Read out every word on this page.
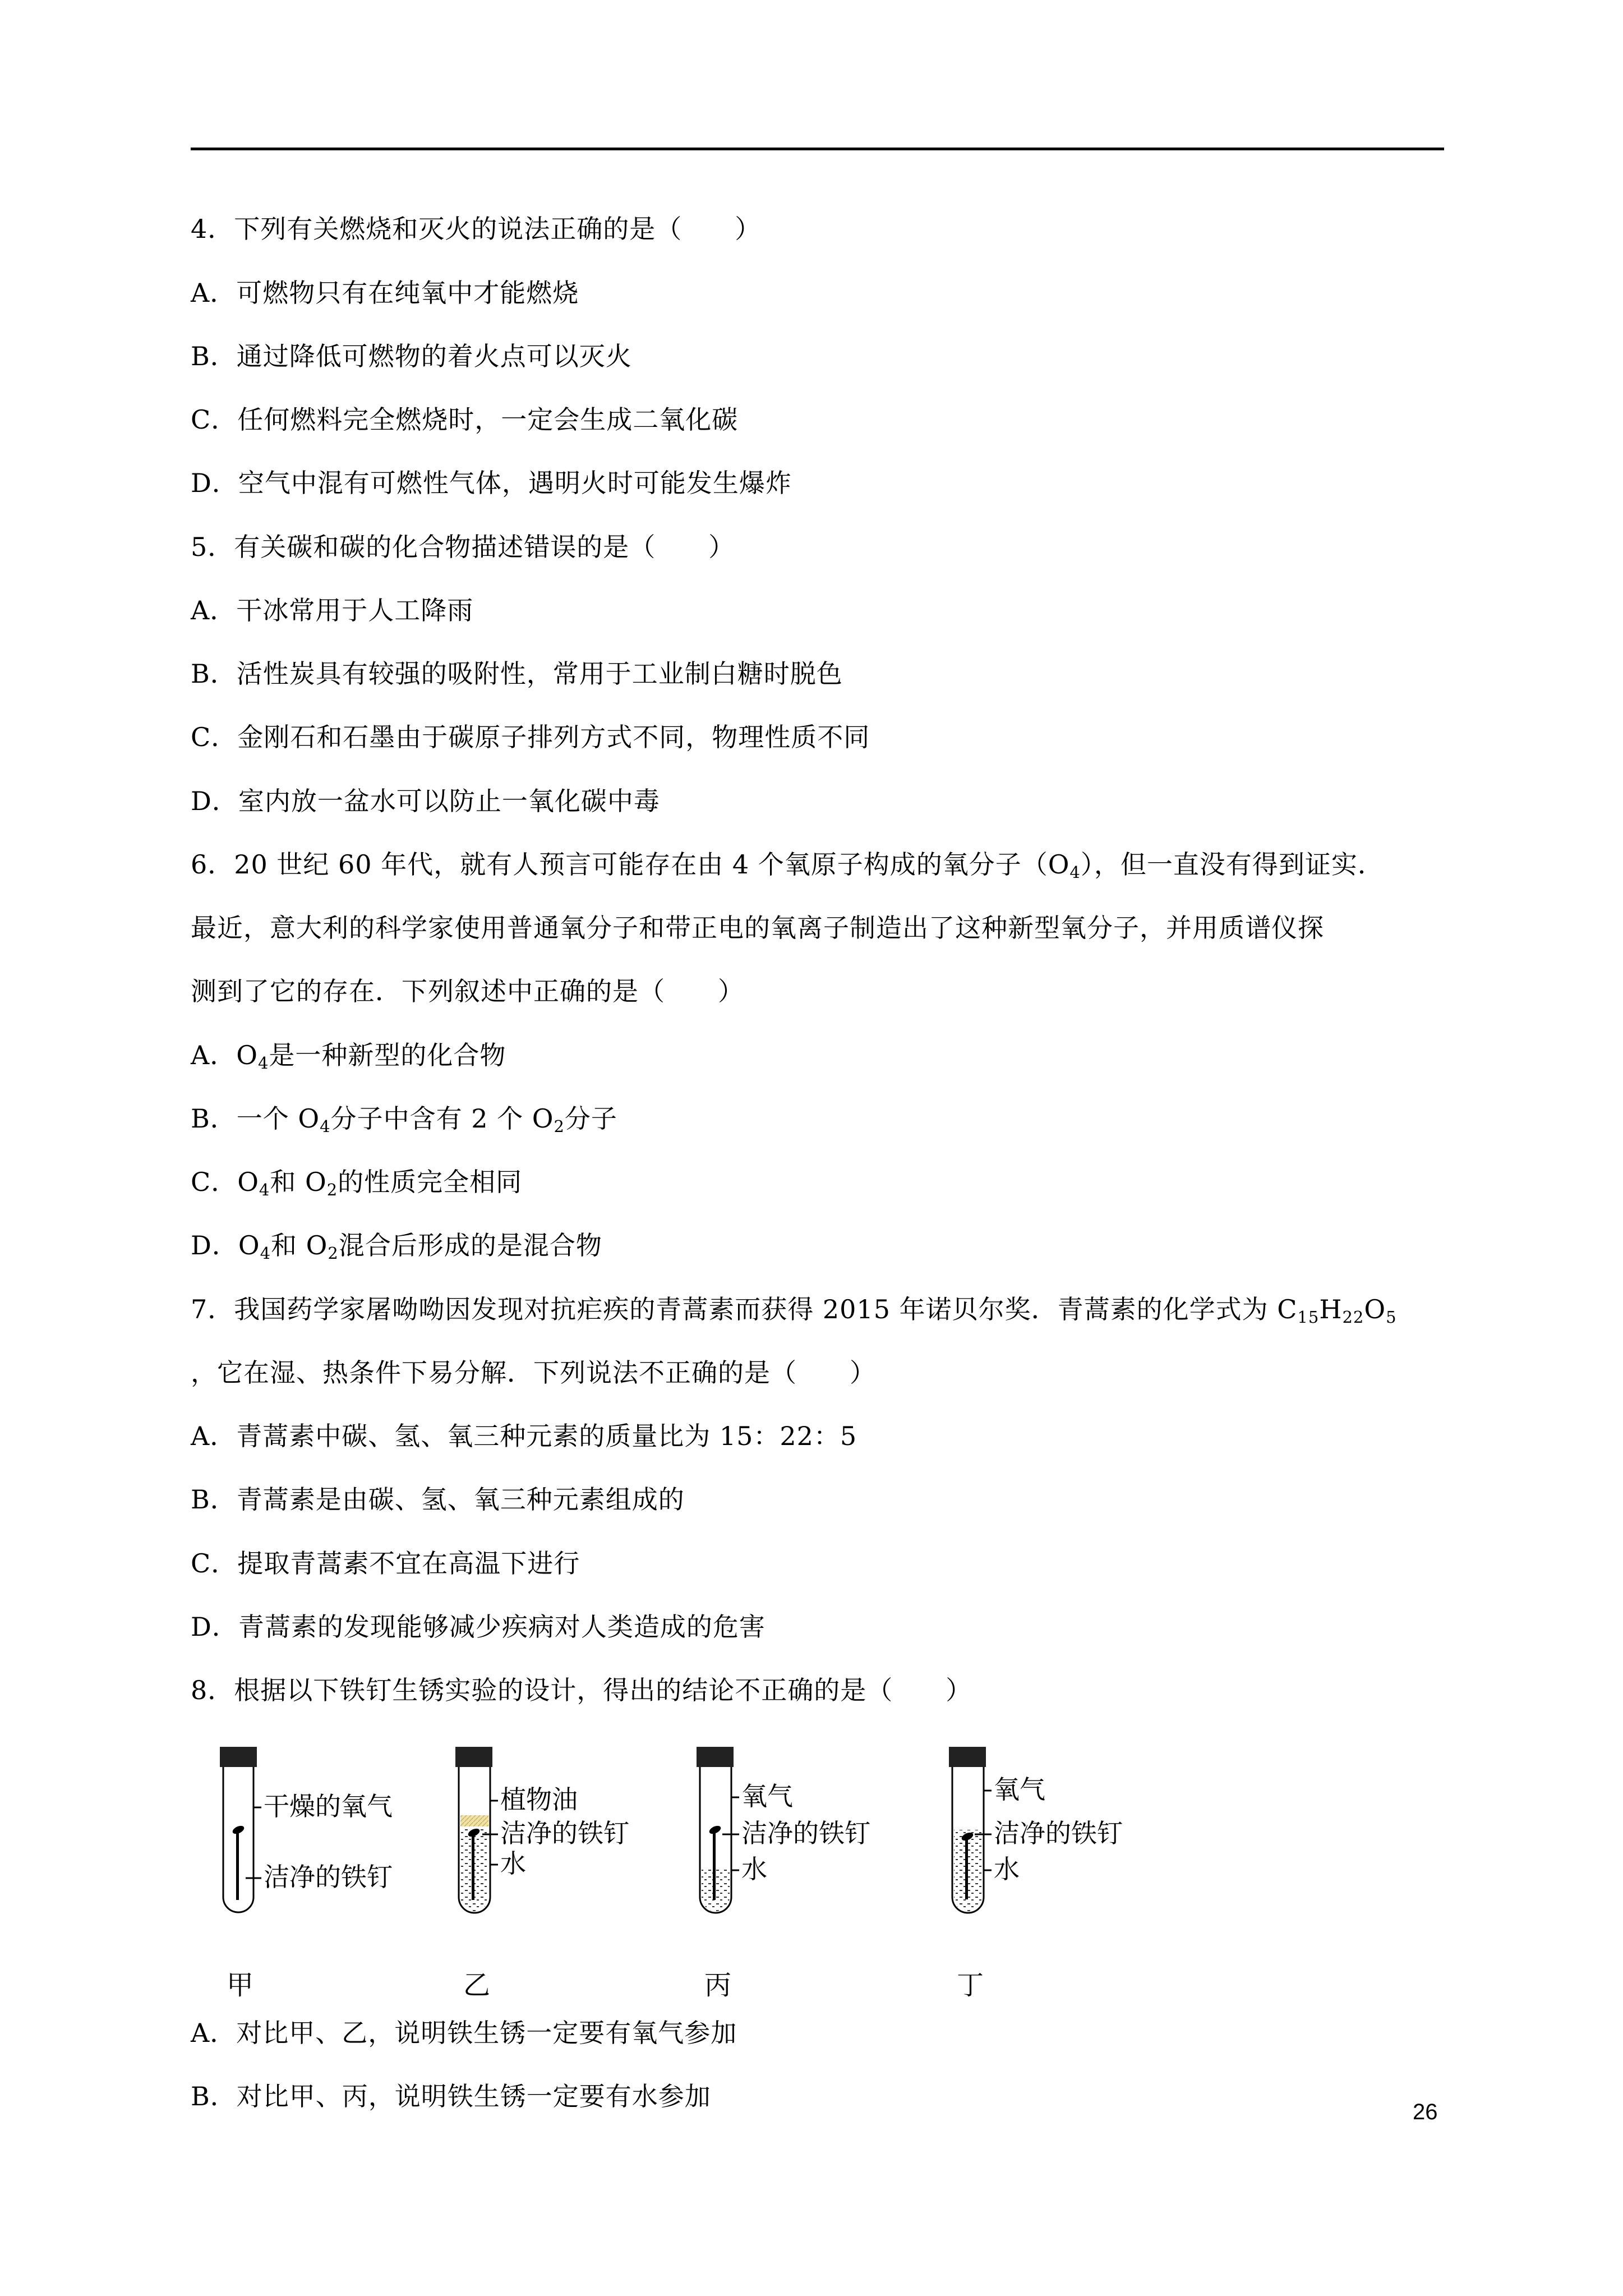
4．下列有关燃烧和灭火的说法正确的是（　　）
A．可燃物只有在纯氧中才能燃烧
B．通过降低可燃物的着火点可以灭火
C．任何燃料完全燃烧时，一定会生成二氧化碳
D．空气中混有可燃性气体，遇明火时可能发生爆炸
5．有关碳和碳的化合物描述错误的是（　　）
A．干冰常用于人工降雨
B．活性炭具有较强的吸附性，常用于工业制白糖时脱色
C．金刚石和石墨由于碳原子排列方式不同，物理性质不同
D．室内放一盆水可以防止一氧化碳中毒
6．20 世纪 60 年代，就有人预言可能存在由 4 个氧原子构成的氧分子$(O_4)$，但一直没有得到证实．
最近，意大利的科学家使用普通氧分子和带正电的氧离子制造出了这种新型氧分子，并用质谱仪探
测到了它的存在．下列叙述中正确的是（　　）
A．$O_4$是一种新型的化合物
B．一个 $O_4$分子中含有 2 个 $O_2$分子
C．$O_4$和 $O_2$的性质完全相同
D．$O_4$和 $O_2$混合后形成的是混合物
7．我国药学家屠呦呦因发现对抗疟疾的青蒿素而获得 2015 年诺贝尔奖．青蒿素的化学式为 $C_{15}H_{22}O_5$
，它在湿、热条件下易分解．下列说法不正确的是（　　）
A．青蒿素中碳、氢、氧三种元素的质量比为 15：22：5
B．青蒿素是由碳、氢、氧三种元素组成的
C．提取青蒿素不宜在高温下进行
D．青蒿素的发现能够减少疾病对人类造成的危害
8．根据以下铁钉生锈实验的设计，得出的结论不正确的是（　　）
干燥的氧气
洁净的铁钉
甲
植物油
洁净的铁钉
水
乙
氧气
洁净的铁钉
水
丙
氧气
洁净的铁钉
水
丁
A．对比甲、乙，说明铁生锈一定要有氧气参加
B．对比甲、丙，说明铁生锈一定要有水参加
26
